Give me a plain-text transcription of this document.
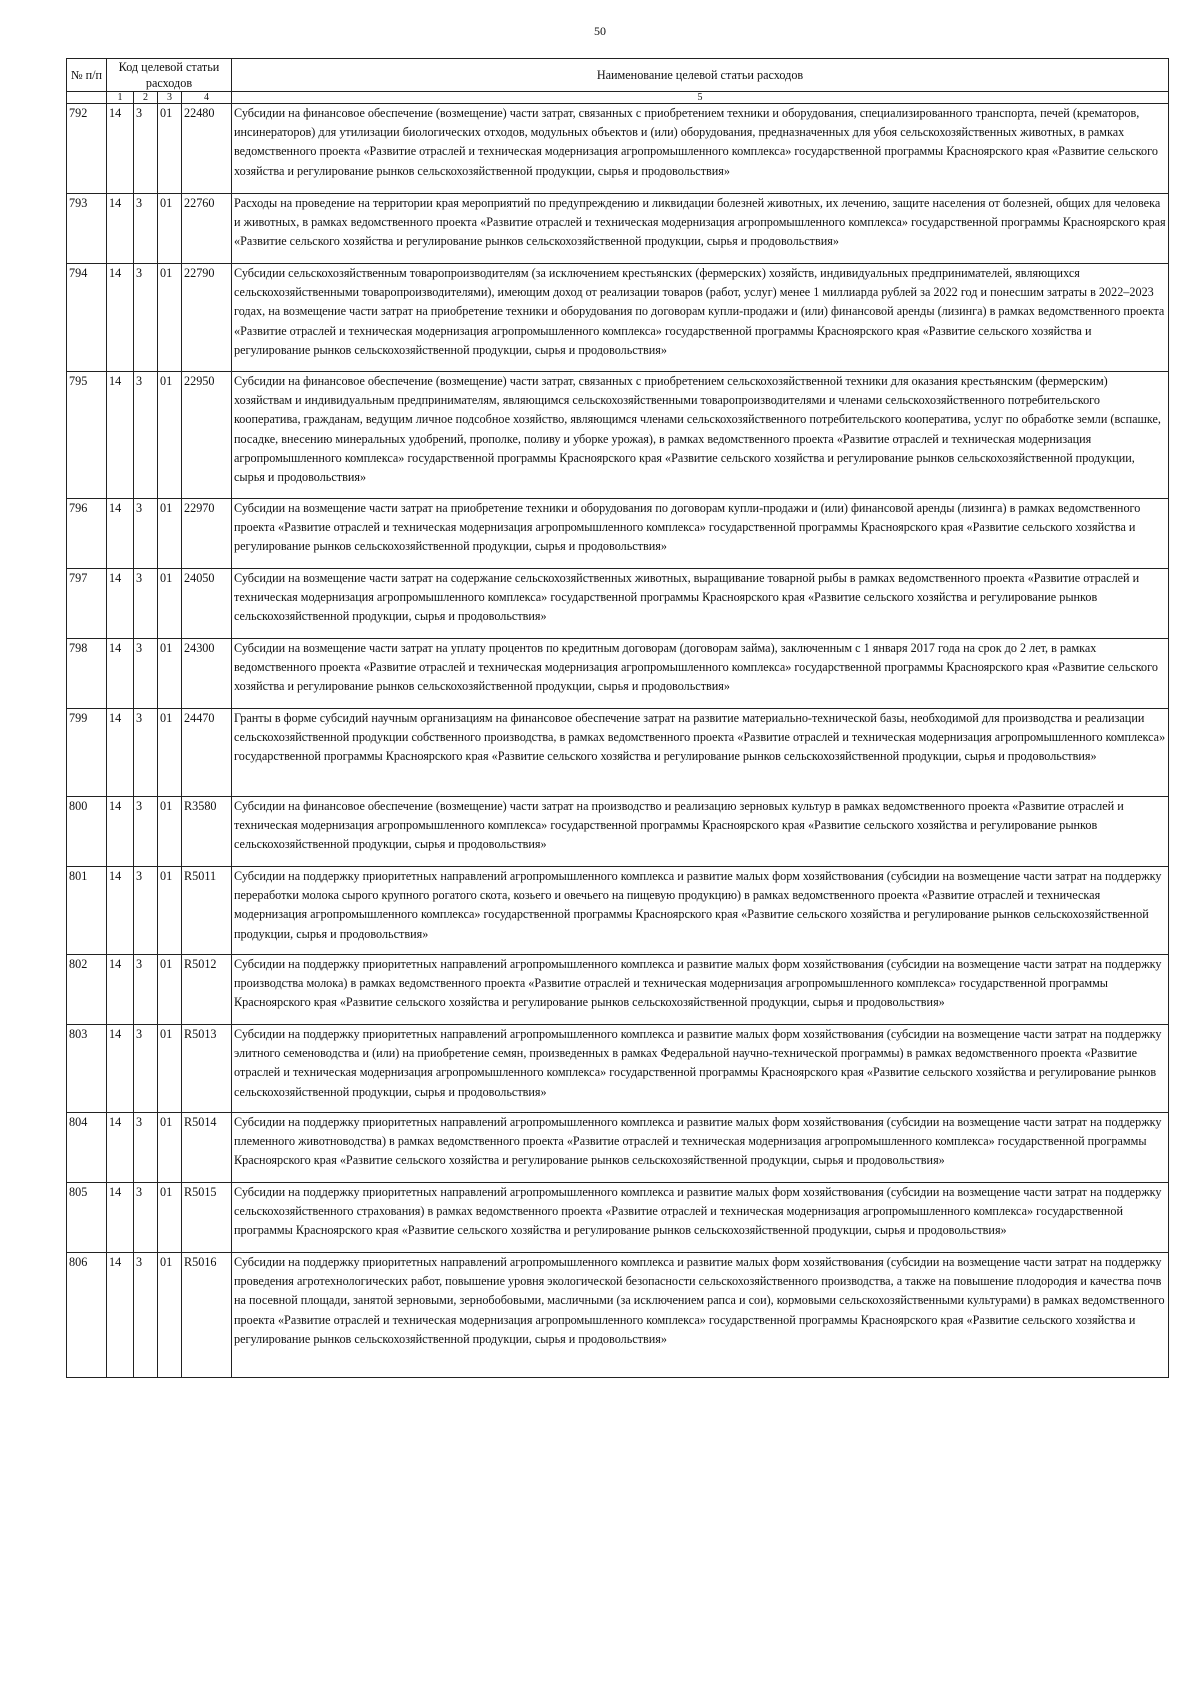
50
№ п/п	Код целевой статьи расходов				Наименование целевой статьи расходов

	1	2	3	4	5
792	14	3	01	22480	Субсидии на финансовое обеспечение (возмещение) части затрат, связанных с приобретением техники и оборудования, специализированного транспорта, печей (крематоров, инсинераторов) для утилизации биологических отходов, модульных объектов и (или) оборудования, предназначенных для убоя сельскохозяйственных животных, в рамках ведомственного проекта «Развитие отраслей и техническая модернизация агропромышленного комплекса» государственной программы Красноярского края «Развитие сельского хозяйства и регулирование рынков сельскохозяйственной продукции, сырья и продовольствия»
793	14	3	01	22760	Расходы на проведение на территории края мероприятий по предупреждению и ликвидации болезней животных, их лечению, защите населения от болезней, общих для человека и животных, в рамках ведомственного проекта «Развитие отраслей и техническая модернизация агропромышленного комплекса» государственной программы Красноярского края «Развитие сельского хозяйства и регулирование рынков сельскохозяйственной продукции, сырья и продовольствия»
794	14	3	01	22790	Субсидии сельскохозяйственным товаропроизводителям (за исключением крестьянских (фермерских) хозяйств, индивидуальных предпринимателей, являющихся сельскохозяйственными товаропроизводителями), имеющим доход от реализации товаров (работ, услуг) менее 1 миллиарда рублей за 2022 год и понесшим затраты в 2022–2023 годах, на возмещение части затрат на приобретение техники и оборудования по договорам купли-продажи и (или) финансовой аренды (лизинга) в рамках ведомственного проекта «Развитие отраслей и техническая модернизация агропромышленного комплекса» государственной программы Красноярского края «Развитие сельского хозяйства и регулирование рынков сельскохозяйственной продукции, сырья и продовольствия»
795	14	3	01	22950	Субсидии на финансовое обеспечение (возмещение) части затрат, связанных с приобретением сельскохозяйственной техники для оказания крестьянским (фермерским) хозяйствам и индивидуальным предпринимателям, являющимся сельскохозяйственными товаропроизводителями и членами сельскохозяйственного потребительского кооператива, гражданам, ведущим личное подсобное хозяйство, являющимся членами сельскохозяйственного потребительского кооператива, услуг по обработке земли (вспашке, посадке, внесению минеральных удобрений, прополке, поливу и уборке урожая), в рамках ведомственного проекта «Развитие отраслей и техническая модернизация агропромышленного комплекса» государственной программы Красноярского края «Развитие сельского хозяйства и регулирование рынков сельскохозяйственной продукции, сырья и продовольствия»
796	14	3	01	22970	Субсидии на возмещение части затрат на приобретение техники и оборудования по договорам купли-продажи и (или) финансовой аренды (лизинга) в рамках ведомственного проекта «Развитие отраслей и техническая модернизация агропромышленного комплекса» государственной программы Красноярского края «Развитие сельского хозяйства и регулирование рынков сельскохозяйственной продукции, сырья и продовольствия»
797	14	3	01	24050	Субсидии на возмещение части затрат на содержание сельскохозяйственных животных, выращивание товарной рыбы в рамках ведомственного проекта «Развитие отраслей и техническая модернизация агропромышленного комплекса» государственной программы Красноярского края «Развитие сельского хозяйства и регулирование рынков сельскохозяйственной продукции, сырья и продовольствия»
798	14	3	01	24300	Субсидии на возмещение части затрат на уплату процентов по кредитным договорам (договорам займа), заключенным с 1 января 2017 года на срок до 2 лет, в рамках ведомственного проекта «Развитие отраслей и техническая модернизация агропромышленного комплекса» государственной программы Красноярского края «Развитие сельского хозяйства и регулирование рынков сельскохозяйственной продукции, сырья и продовольствия»
799	14	3	01	24470	Гранты в форме субсидий научным организациям на финансовое обеспечение затрат на развитие материально-технической базы, необходимой для производства и реализации сельскохозяйственной продукции собственного производства, в рамках ведомственного проекта «Развитие отраслей и техническая модернизация агропромышленного комплекса» государственной программы Красноярского края «Развитие сельского хозяйства и регулирование рынков сельскохозяйственной продукции, сырья и продовольствия»
800	14	3	01	R3580	Субсидии на финансовое обеспечение (возмещение) части затрат на производство и реализацию зерновых культур в рамках ведомственного проекта «Развитие отраслей и техническая модернизация агропромышленного комплекса» государственной программы Красноярского края «Развитие сельского хозяйства и регулирование рынков сельскохозяйственной продукции, сырья и продовольствия»
801	14	3	01	R5011	Субсидии на поддержку приоритетных направлений агропромышленного комплекса и развитие малых форм хозяйствования (субсидии на возмещение части затрат на поддержку переработки молока сырого крупного рогатого скота, козьего и овечьего на пищевую продукцию) в рамках ведомственного проекта «Развитие отраслей и техническая модернизация агропромышленного комплекса» государственной программы Красноярского края «Развитие сельского хозяйства и регулирование рынков сельскохозяйственной продукции, сырья и продовольствия»
802	14	3	01	R5012	Субсидии на поддержку приоритетных направлений агропромышленного комплекса и развитие малых форм хозяйствования (субсидии на возмещение части затрат на поддержку производства молока) в рамках ведомственного проекта «Развитие отраслей и техническая модернизация агропромышленного комплекса» государственной программы Красноярского края «Развитие сельского хозяйства и регулирование рынков сельскохозяйственной продукции, сырья и продовольствия»
803	14	3	01	R5013	Субсидии на поддержку приоритетных направлений агропромышленного комплекса и развитие малых форм хозяйствования (субсидии на возмещение части затрат на поддержку элитного семеноводства и (или) на приобретение семян, произведенных в рамках Федеральной научно-технической программы) в рамках ведомственного проекта «Развитие отраслей и техническая модернизация агропромышленного комплекса» государственной программы Красноярского края «Развитие сельского хозяйства и регулирование рынков сельскохозяйственной продукции, сырья и продовольствия»
804	14	3	01	R5014	Субсидии на поддержку приоритетных направлений агропромышленного комплекса и развитие малых форм хозяйствования (субсидии на возмещение части затрат на поддержку племенного животноводства) в рамках ведомственного проекта «Развитие отраслей и техническая модернизация агропромышленного комплекса» государственной программы Красноярского края «Развитие сельского хозяйства и регулирование рынков сельскохозяйственной продукции, сырья и продовольствия»
805	14	3	01	R5015	Субсидии на поддержку приоритетных направлений агропромышленного комплекса и развитие малых форм хозяйствования (субсидии на возмещение части затрат на поддержку сельскохозяйственного страхования) в рамках ведомственного проекта «Развитие отраслей и техническая модернизация агропромышленного комплекса» государственной программы Красноярского края «Развитие сельского хозяйства и регулирование рынков сельскохозяйственной продукции, сырья и продовольствия»
806	14	3	01	R5016	Субсидии на поддержку приоритетных направлений агропромышленного комплекса и развитие малых форм хозяйствования (субсидии на возмещение части затрат на поддержку проведения агротехнологических работ, повышение уровня экологической безопасности сельскохозяйственного производства, а также на повышение плодородия и качества почв на посевной площади, занятой зерновыми, зернобобовыми, масличными (за исключением рапса и сои), кормовыми сельскохозяйственными культурами) в рамках ведомственного проекта «Развитие отраслей и техническая модернизация агропромышленного комплекса» государственной программы Красноярского края «Развитие сельского хозяйства и регулирование рынков сельскохозяйственной продукции, сырья и продовольствия»
